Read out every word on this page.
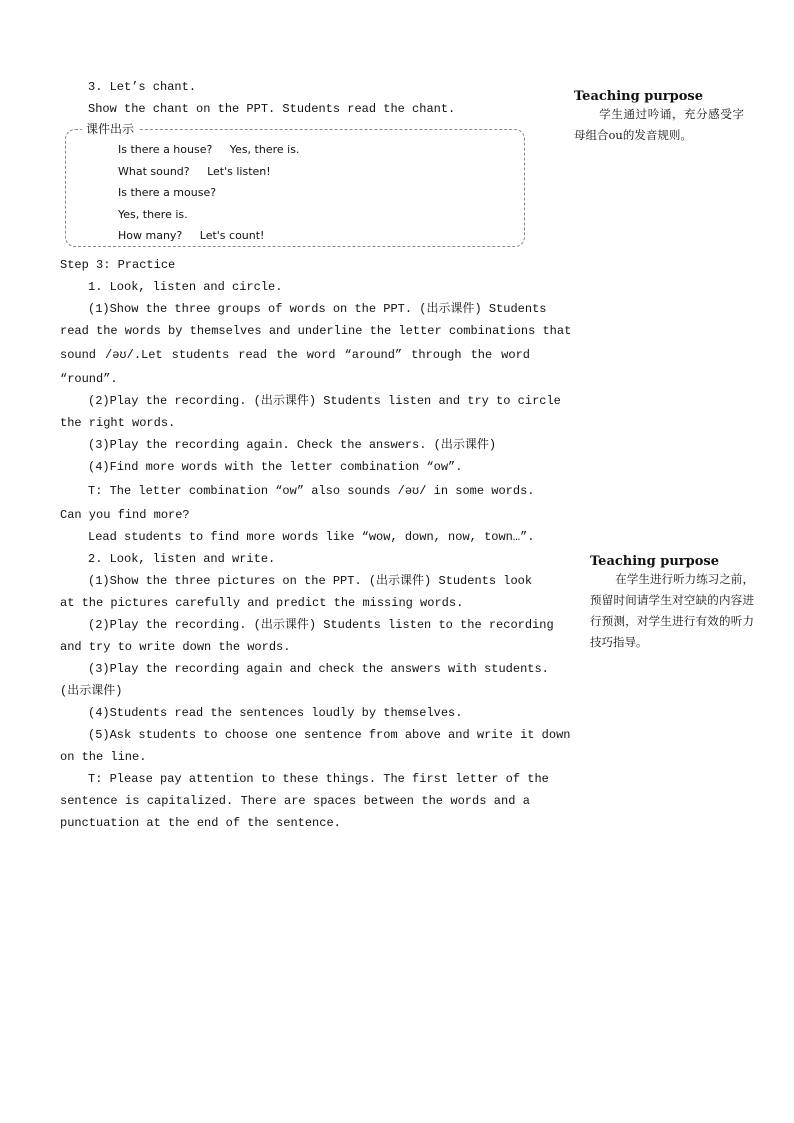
3. Let’s chant.
Show the chant on the PPT. Students read the chant.
课件出示
Is there a house?     Yes, there is.
What sound?     Let's listen!
Is there a mouse?
Yes, there is.
How many?     Let's count!
Step 3: Practice
1. Look, listen and circle.
(1)Show the three groups of words on the PPT. (出示课件) Students
read the words by themselves and underline the letter combinations that
sound /əʊ/.Let students read the word “around” through the word
“round”.
(2)Play the recording. (出示课件) Students listen and try to circle
the right words.
(3)Play the recording again. Check the answers. (出示课件)
(4)Find more words with the letter combination “ow”.
T: The letter combination “ow” also sounds /əʊ/ in some words.
Can you find more?
Lead students to find more words like “wow, down, now, town…”.
2. Look, listen and write.
(1)Show the three pictures on the PPT. (出示课件) Students look
at the pictures carefully and predict the missing words.
(2)Play the recording. (出示课件) Students listen to the recording
and try to write down the words.
(3)Play the recording again and check the answers with students.
(出示课件)
(4)Students read the sentences loudly by themselves.
(5)Ask students to choose one sentence from above and write it down
on the line.
T: Please pay attention to these things. The first letter of the
sentence is capitalized. There are spaces between the words and a
punctuation at the end of the sentence.
Teaching purpose
学生通过吟诵，充分感受字母组合ou的发音规则。
Teaching purpose
在学生进行听力练习之前，预留时间请学生对空缺的内容进行预测，对学生进行有效的听力技巧指导。
